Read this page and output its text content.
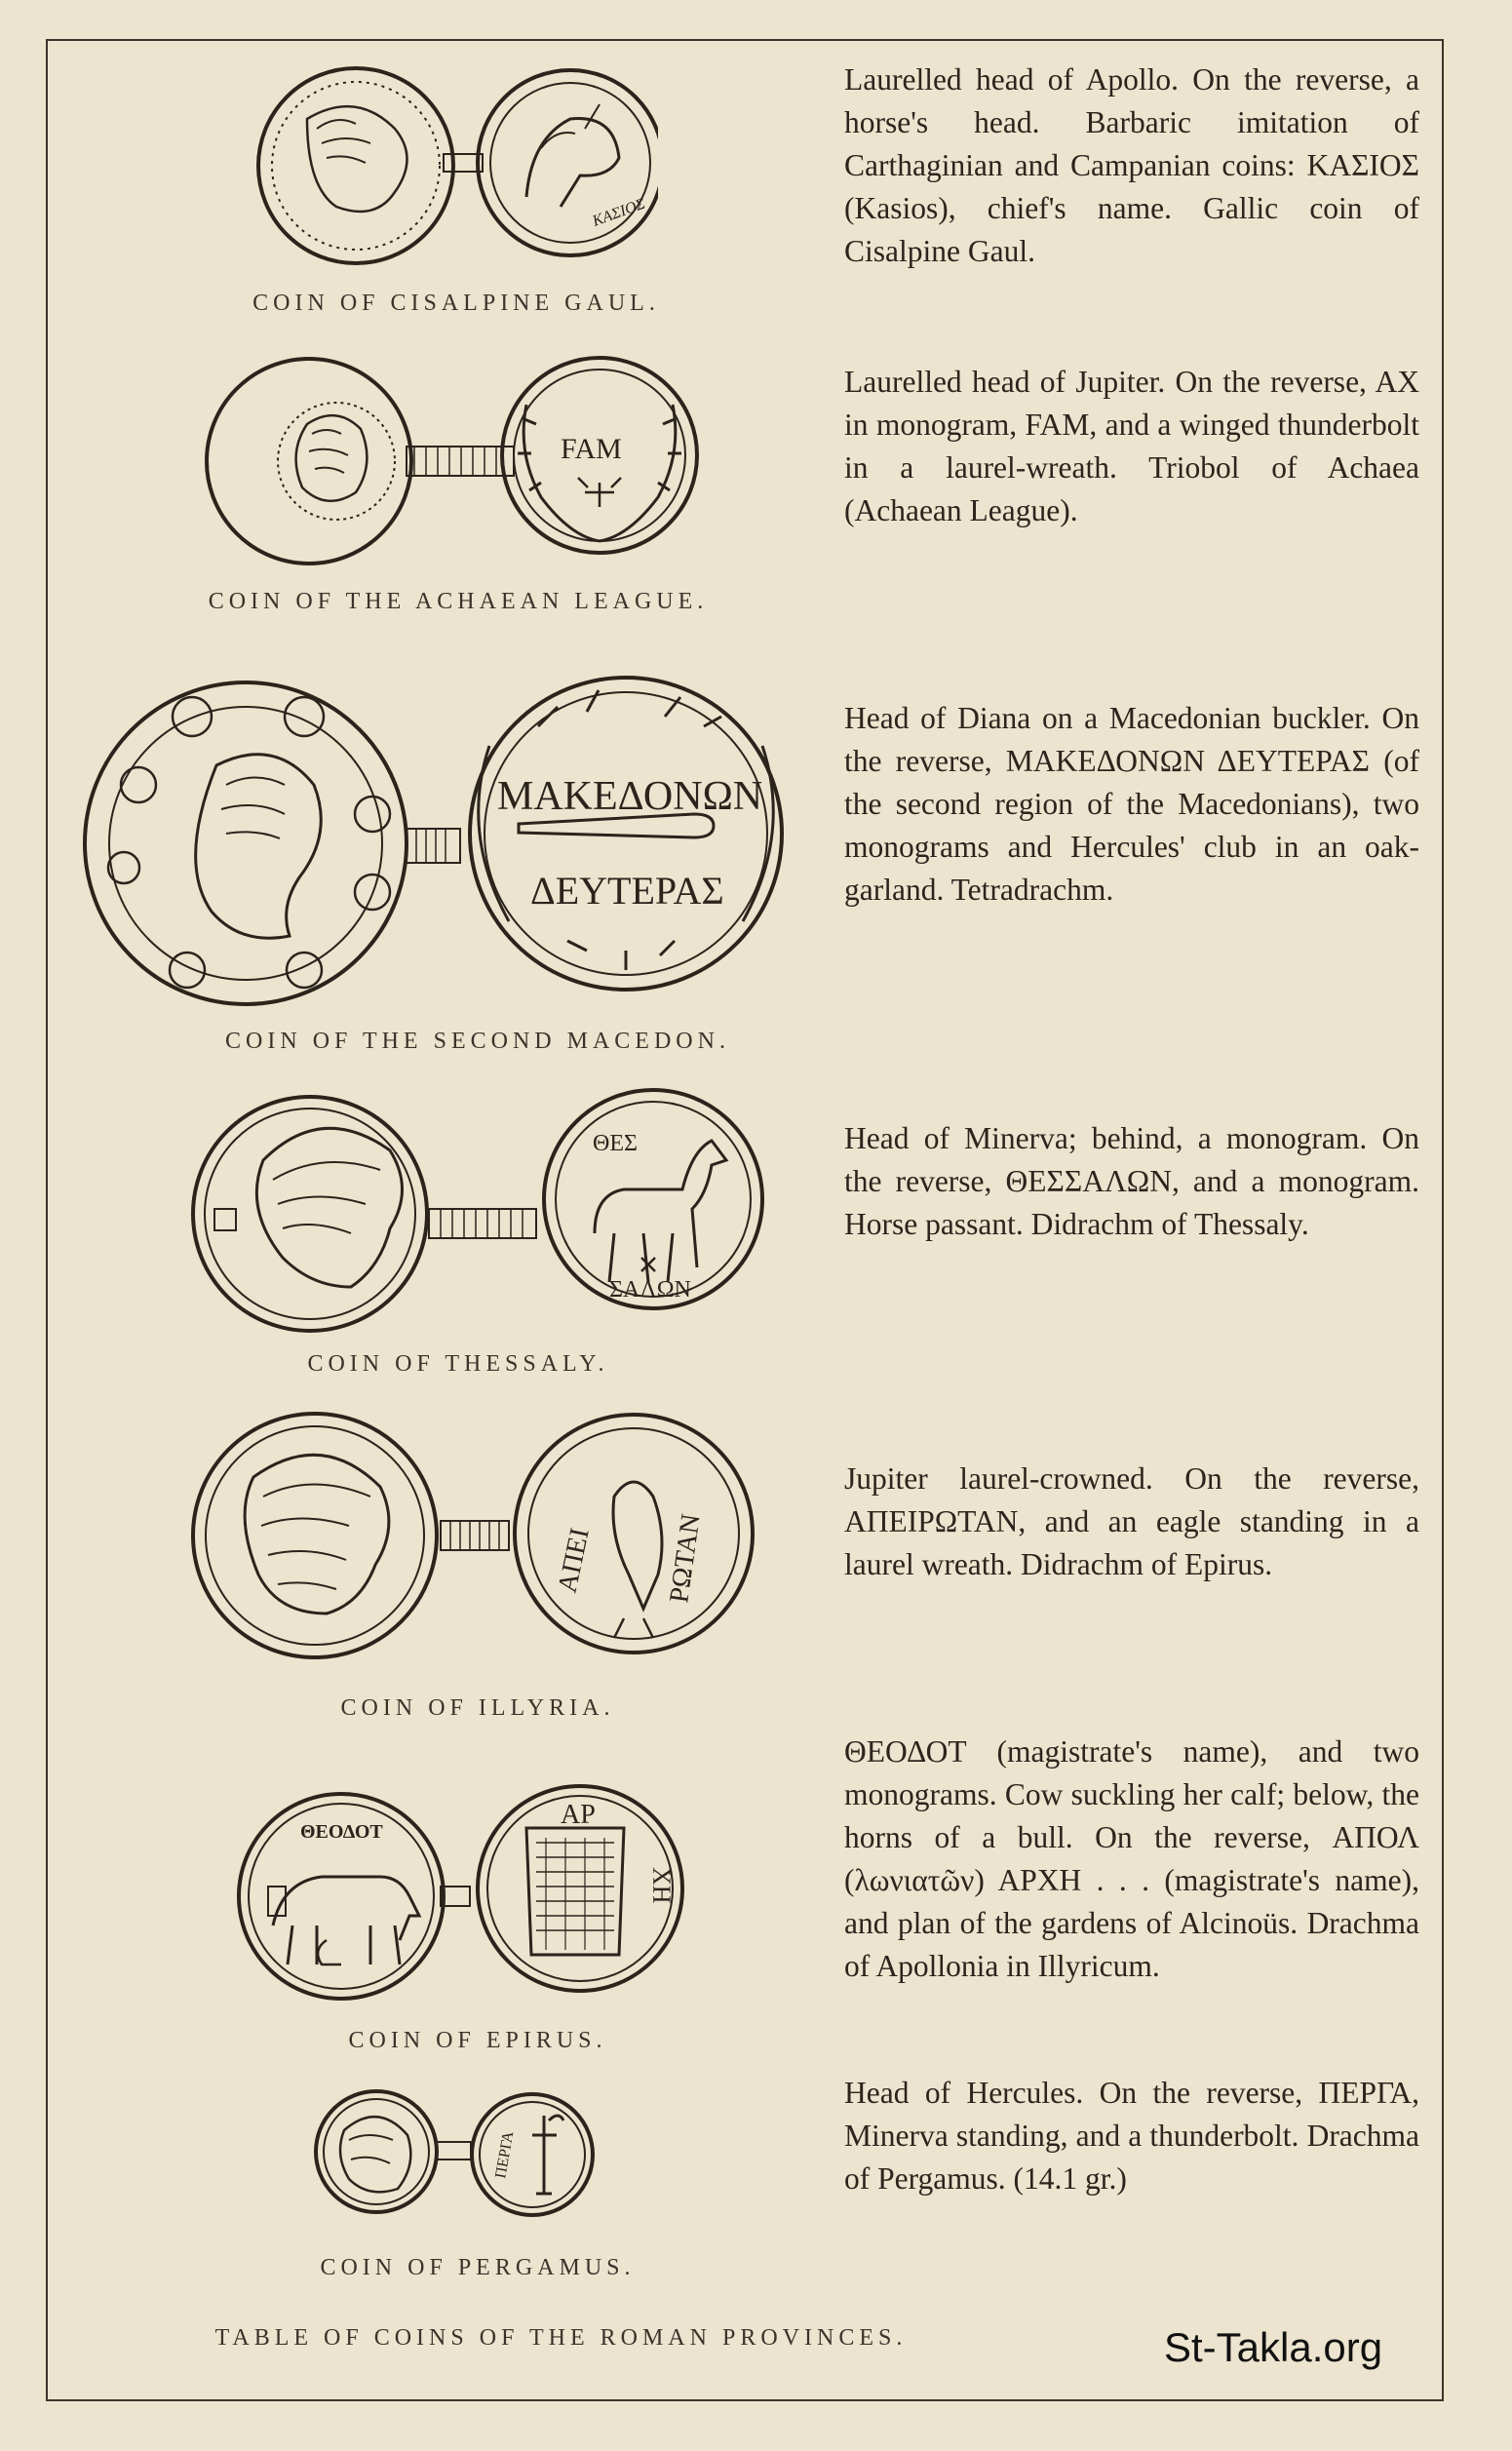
ΚΑΣΙΟΣ
COIN OF CISALPINE GAUL.
Laurelled head of Apollo. On the reverse, a horse's head. Barbaric imitation of Carthaginian and Campanian coins: ΚΑΣΙΟΣ (Kasios), chief's name. Gallic coin of Cisalpine Gaul.
FAM
COIN OF THE ACHAEAN LEAGUE.
Laurelled head of Jupiter. On the reverse, AX in monogram, FAM, and a winged thunderbolt in a laurel-wreath. Triobol of Achaea (Achaean League).
ΜΑΚΕΔΟΝΩΝ
ΔΕΥΤΕΡΑΣ
COIN OF THE SECOND MACEDON.
Head of Diana on a Macedonian buckler. On the reverse, ΜΑΚΕΔΟΝΩΝ ΔΕΥΤΕΡΑΣ (of the second region of the Macedonians), two monograms and Hercules' club in an oak-garland. Tetradrachm.
ΘΕΣ
ΣΑΛΩΝ
COIN OF THESSALY.
Head of Minerva; behind, a monogram. On the reverse, ΘΕΣΣΑΛΩΝ, and a monogram. Horse passant. Didrachm of Thessaly.
ΑΠΕΙ	ΡΩΤΑΝ
COIN OF ILLYRIA.
Jupiter laurel-crowned. On the reverse, ΑΠΕΙΡΩΤΑΝ, and an eagle standing in a laurel wreath. Didrachm of Epirus.
ΘΕΟΔΟΤ
ΑΡ
ΧΗ
COIN OF EPIRUS.
ΘΕΟΔΟΤ (magistrate's name), and two monograms. Cow suckling her calf; below, the horns of a bull. On the reverse, ΑΠΟΛ (λωνιατῶν) ΑΡΧΗ . . . (magistrate's name), and plan of the gardens of Alcinoüs. Drachma of Apollonia in Illyricum.
ΠΕΡΓΑ
COIN OF PERGAMUS.
Head of Hercules. On the reverse, ΠΕΡΓΑ, Minerva standing, and a thunderbolt. Drachma of Pergamus. (14.1 gr.)
TABLE OF COINS OF THE ROMAN PROVINCES.	St-Takla.org
